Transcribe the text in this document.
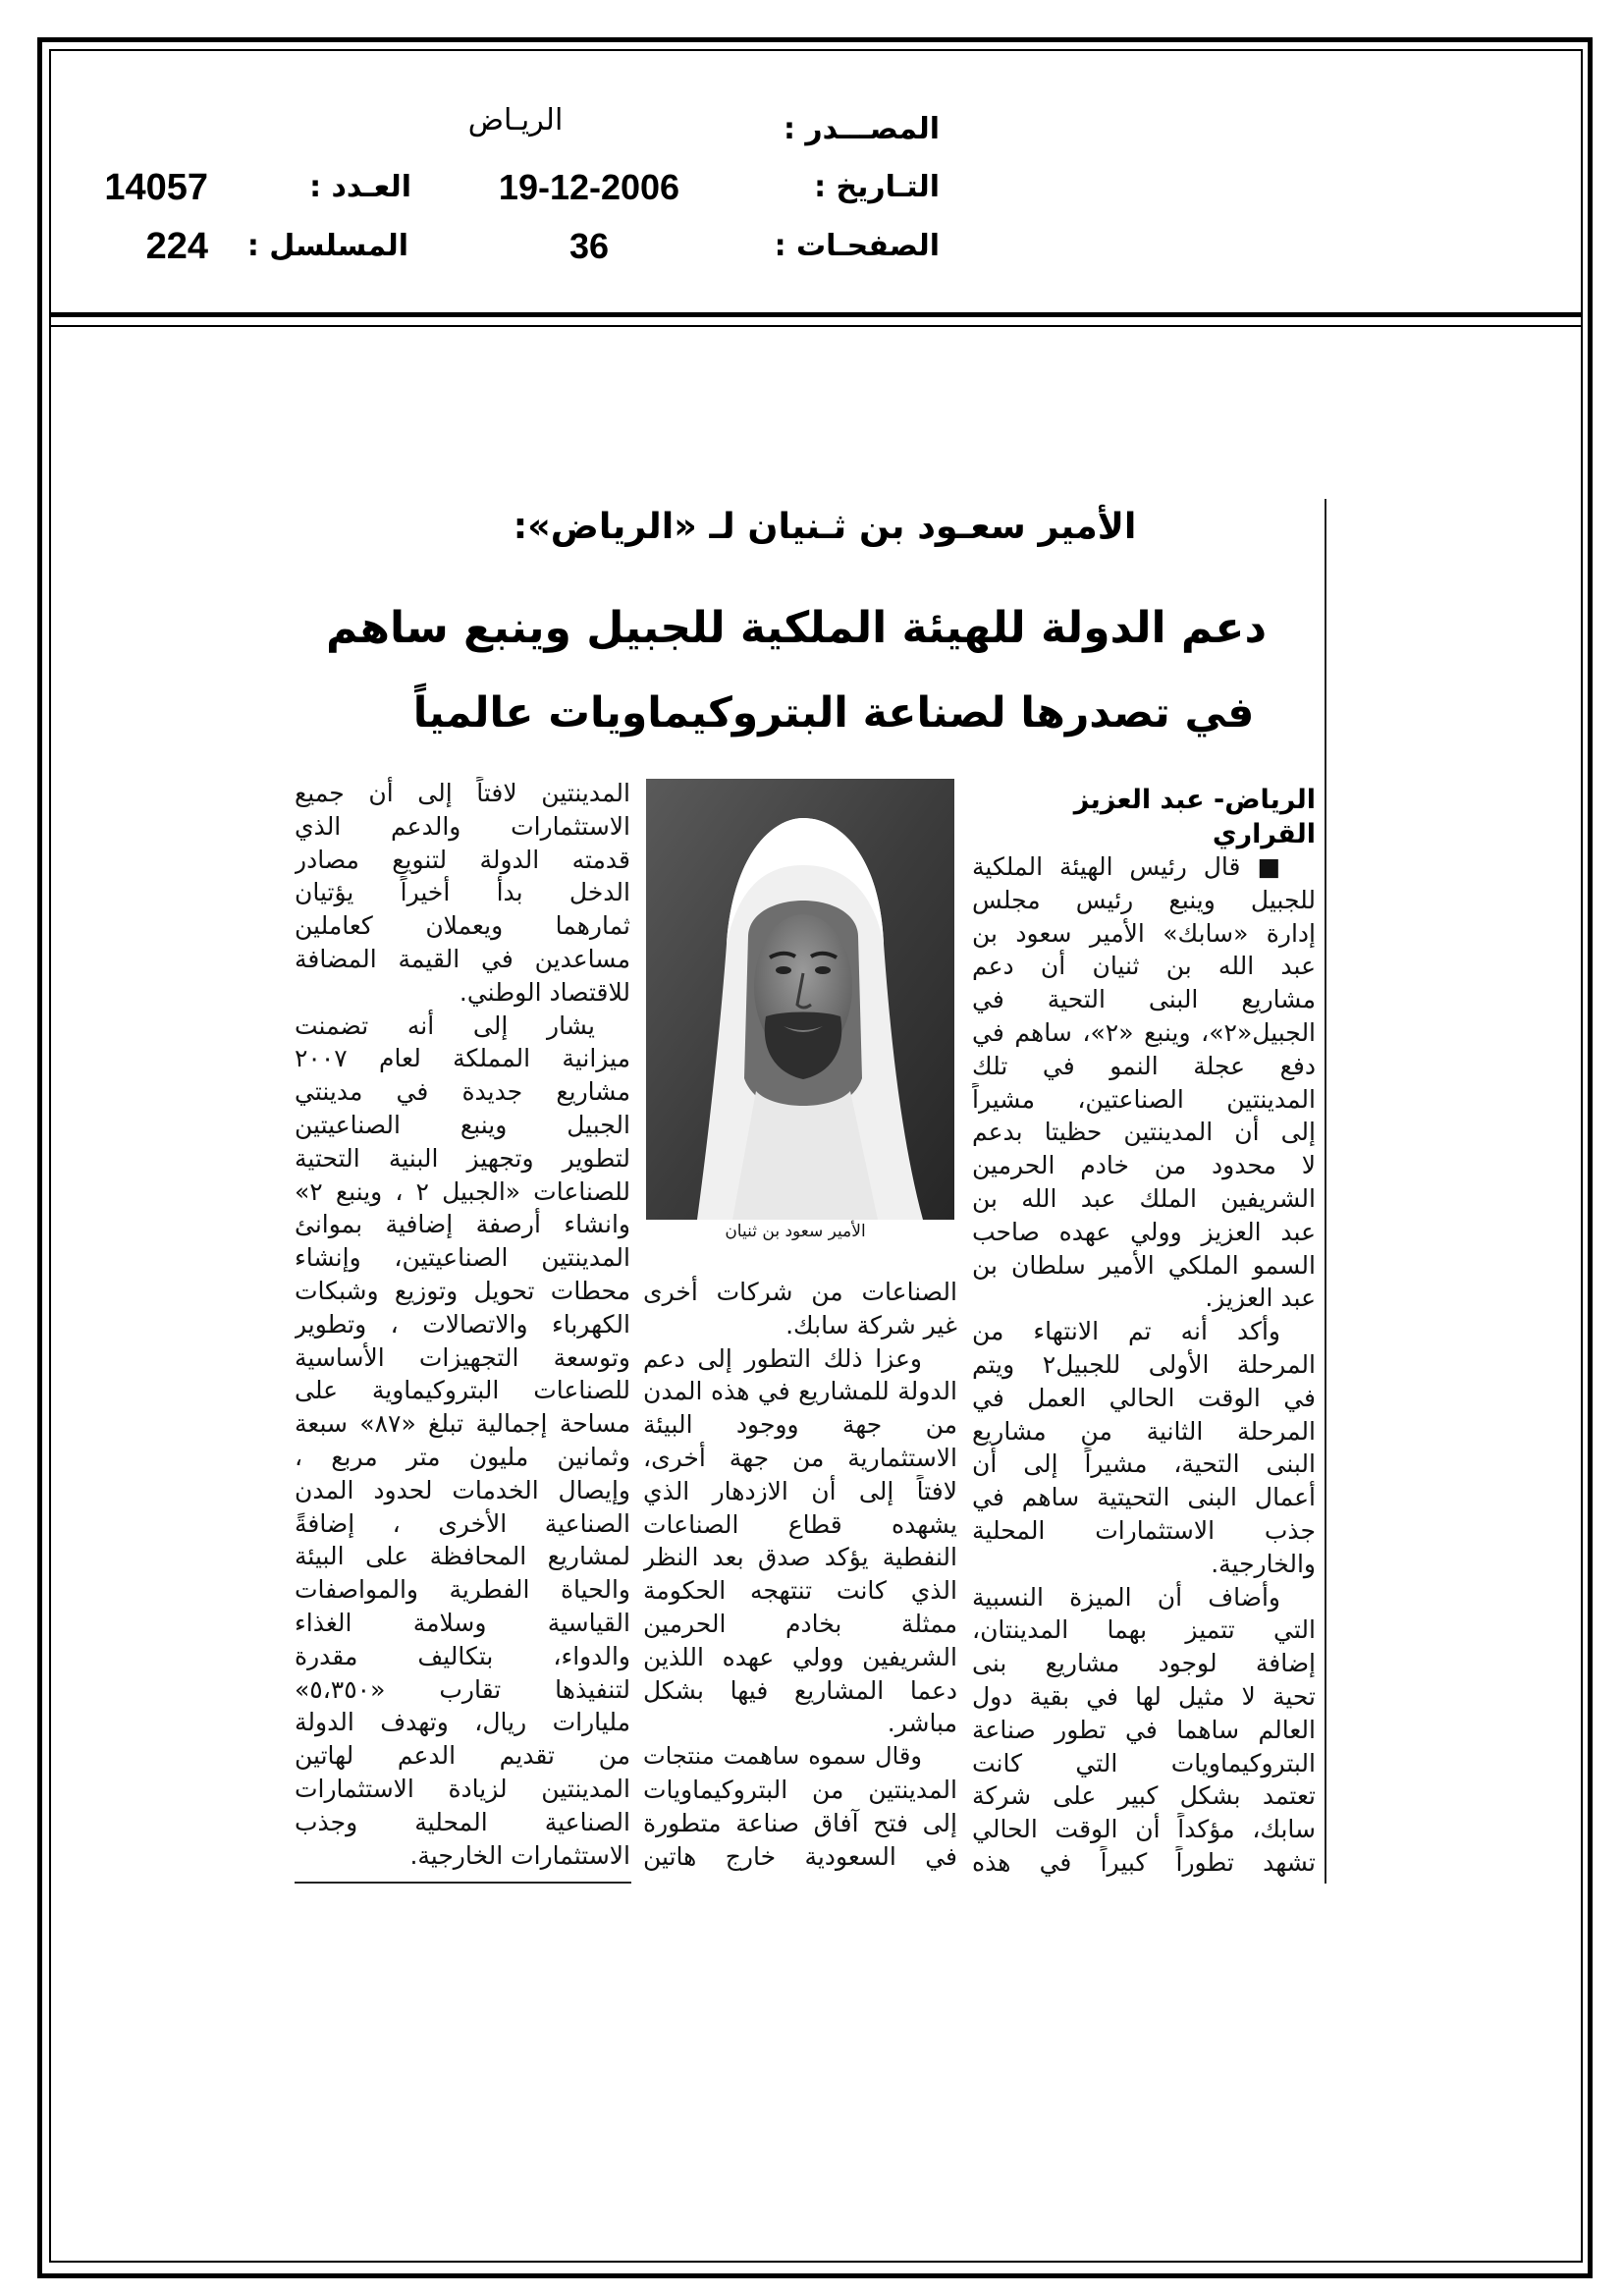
المصـــدر :
الريـاض
التـاريخ :
19-12-2006
العـدد :
14057
الصفحـات :
36
المسلسل :
224
الأمير سعـود بن ثـنيان لـ «الرياض»:
دعم الدولة للهيئة الملكية للجبيل وينبع ساهم
في تصدرها لصناعة البتروكيماويات عالمياً
الرياض- عبد العزيز
القراري
■ قال رئيس الهيئة الملكية
للجبيل وينبع رئيس مجلس
إدارة «سابك» الأمير سعود بن
عبد الله بن ثنيان أن دعم
مشاريع البنى التحية في
الجبيل«٢»، وينبع «٢»، ساهم في
دفع عجلة النمو في تلك
المدينتين الصناعتين، مشيراً
إلى أن المدينتين حظيتا بدعم
لا محدود من خادم الحرمين
الشريفين الملك عبد الله بن
عبد العزيز وولي عهده صاحب
السمو الملكي الأمير سلطان بن
عبد العزيز.
وأكد أنه تم الانتهاء من
المرحلة الأولى للجبيل٢ ويتم
في الوقت الحالي العمل في
المرحلة الثانية من مشاريع
البنى التحية، مشيراً إلى أن
أعمال البنى التحيتية ساهم في
جذب الاستثمارات المحلية
والخارجية.
وأضاف أن الميزة النسبية
التي تتميز بهما المدينتان،
إضافة لوجود مشاريع بنى
تحية لا مثيل لها في بقية دول
العالم ساهما في تطور صناعة
البتروكيماويات التي كانت
تعتمد بشكل كبير على شركة
سابك، مؤكداً أن الوقت الحالي
تشهد تطوراً كبيراً في هذه
الصناعات من شركات أخرى
غير شركة سابك.
وعزا ذلك التطور إلى دعم
الدولة للمشاريع في هذه المدن
من جهة ووجود البيئة
الاستثمارية من جهة أخرى،
لافتاً إلى أن الازدهار الذي
يشهده قطاع الصناعات
النفطية يؤكد صدق بعد النظر
الذي كانت تنتهجه الحكومة
ممثلة بخادم الحرمين
الشريفين وولي عهده اللذين
دعما المشاريع فيها بشكل
مباشر.
وقال سموه ساهمت منتجات
المدينتين من البتروكيماويات
إلى فتح آفاق صناعة متطورة
في السعودية خارج هاتين
المدينتين لافتاً إلى أن جميع
الاستثمارات والدعم الذي
قدمته الدولة لتنويع مصادر
الدخل بدأ أخيراً يؤتيان
ثمارهما ويعملان كعاملين
مساعدين في القيمة المضافة
للاقتصاد الوطني.
يشار إلى أنه تضمنت
ميزانية المملكة لعام ٢٠٠٧
مشاريع جديدة في مدينتي
الجبيل وينبع الصناعيتين
لتطوير وتجهيز البنية التحتية
للصناعات «الجبيل ٢ ، وينبع ٢»
وانشاء أرصفة إضافية بموانئ
المدينتين الصناعيتين، وإنشاء
محطات تحويل وتوزيع وشبكات
الكهرباء والاتصالات ، وتطوير
وتوسعة التجهيزات الأساسية
للصناعات البتروكيماوية على
مساحة إجمالية تبلغ «٨٧» سبعة
وثمانين مليون متر مربع ،
وإيصال الخدمات لحدود المدن
الصناعية الأخرى ، إضافةً
لمشاريع المحافظة على البيئة
والحياة الفطرية والمواصفات
القياسية وسلامة الغذاء
والدواء، بتكاليف مقدرة
لتنفيذها تقارب «٥،٣٥٠»
مليارات ريال، وتهدف الدولة
من تقديم الدعم لهاتين
المدينتين لزيادة الاستثمارات
الصناعية المحلية وجذب
الاستثمارات الخارجية.
الأمير سعود بن ثنيان
